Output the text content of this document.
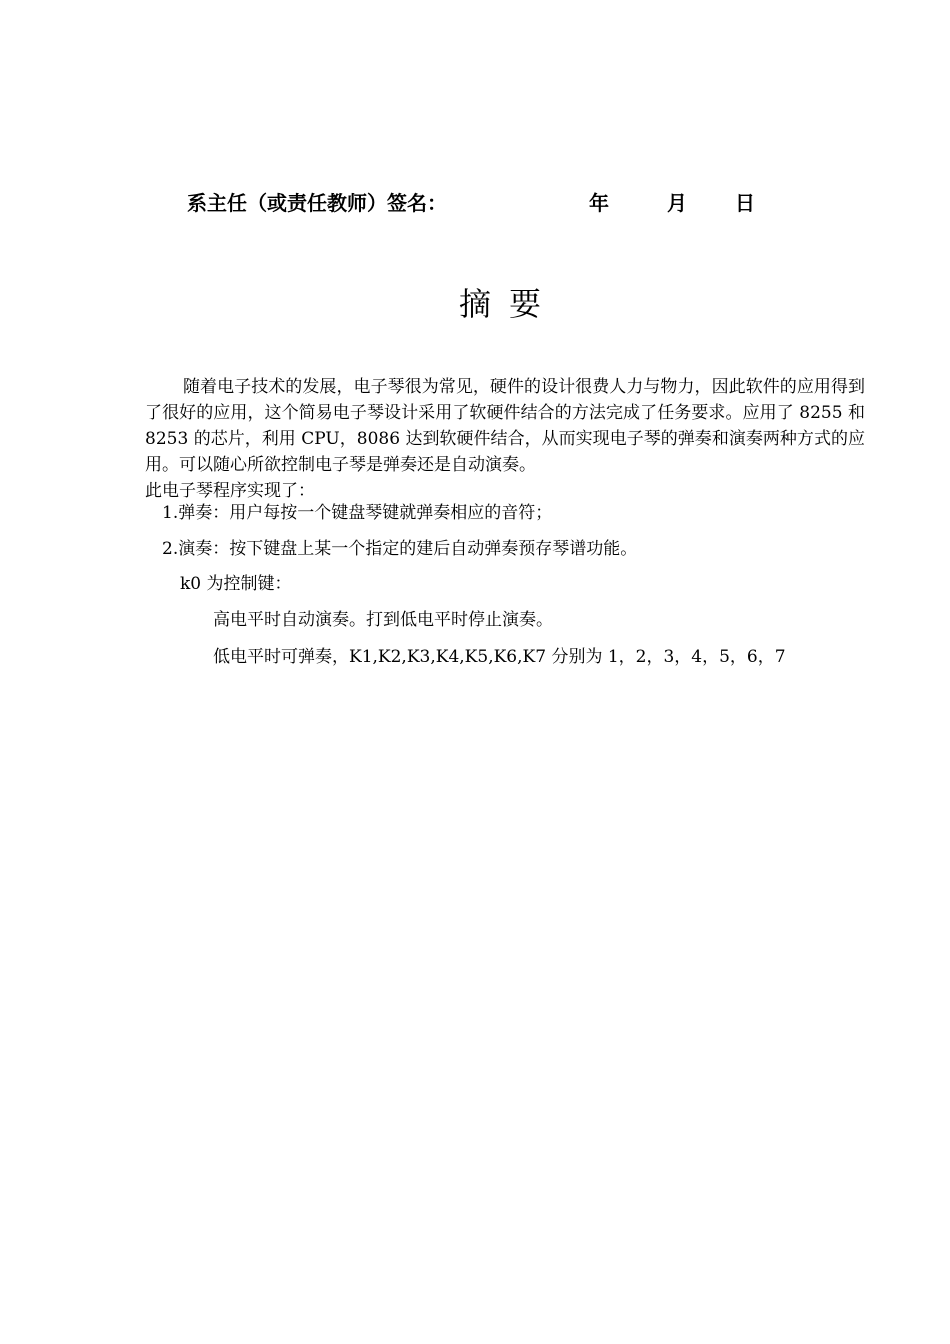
系主任（或责任教师）签名：	年	月 日
摘 要

随着电子技术的发展，电子琴很为常见，硬件的设计很费人力与物力，因此软件的应用得到了很好的应用，这个简易电子琴设计采用了软硬件结合的方法完成了任务要求。应用了 8255 和 8253 的芯片，利用 CPU，8086 达到软硬件结合，从而实现电子琴的弹奏和演奏两种方式的应用。可以随心所欲控制电子琴是弹奏还是自动演奏。

此电子琴程序实现了：

1.弹奏：用户每按一个键盘琴键就弹奏相应的音符；
2.演奏：按下键盘上某一个指定的建后自动弹奏预存琴谱功能。
k0 为控制键：
高电平时自动演奏。打到低电平时停止演奏。
低电平时可弹奏，K1,K2,K3,K4,K5,K6,K7 分别为 1，2，3，4，5，6，7
